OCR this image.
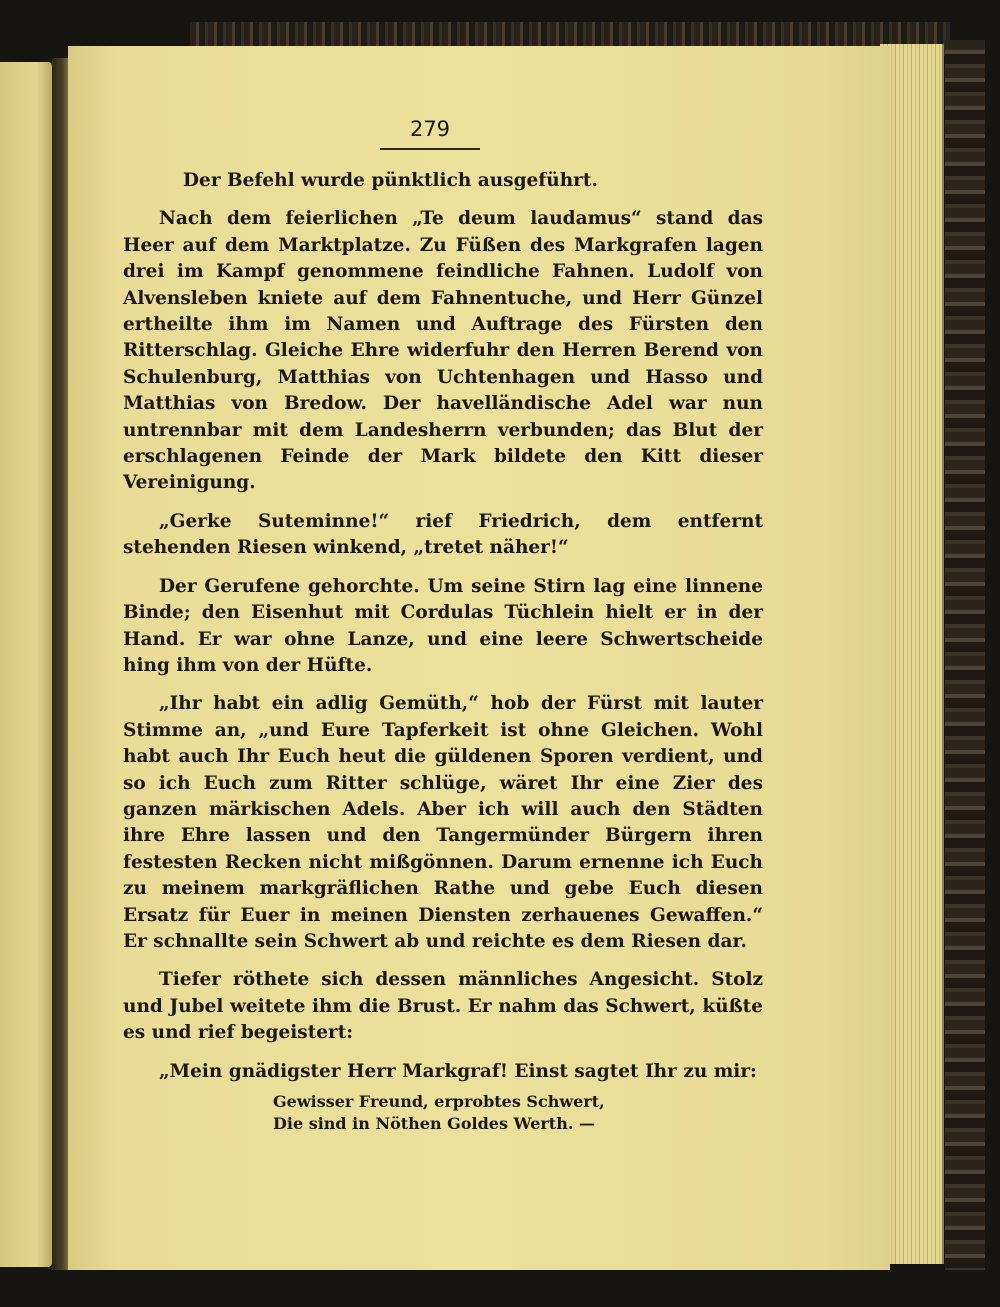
279

Der Befehl wurde pünktlich ausgeführt.

Nach dem feierlichen „Te deum laudamus“ stand das Heer auf dem Marktplatze. Zu Füßen des Markgrafen lagen drei im Kampf genommene feindliche Fahnen. Ludolf von Alvensleben kniete auf dem Fahnentuche, und Herr Günzel ertheilte ihm im Namen und Auftrage des Fürsten den Ritterschlag. Gleiche Ehre widerfuhr den Herren Berend von Schulenburg, Matthias von Uchtenhagen und Hasso und Matthias von Bredow. Der havelländische Adel war nun untrennbar mit dem Landesherrn verbunden; das Blut der erschlagenen Feinde der Mark bildete den Kitt dieser Vereinigung.

„Gerke Suteminne!“ rief Friedrich, dem entfernt stehenden Riesen winkend, „tretet näher!“

Der Gerufene gehorchte. Um seine Stirn lag eine linnene Binde; den Eisenhut mit Cordulas Tüchlein hielt er in der Hand. Er war ohne Lanze, und eine leere Schwertscheide hing ihm von der Hüfte.

„Ihr habt ein adlig Gemüth,“ hob der Fürst mit lauter Stimme an, „und Eure Tapferkeit ist ohne Gleichen. Wohl habt auch Ihr Euch heut die güldenen Sporen verdient, und so ich Euch zum Ritter schlüge, wäret Ihr eine Zier des ganzen märkischen Adels. Aber ich will auch den Städten ihre Ehre lassen und den Tangermünder Bürgern ihren festesten Recken nicht mißgönnen. Darum ernenne ich Euch zu meinem markgräflichen Rathe und gebe Euch diesen Ersatz für Euer in meinen Diensten zerhauenes Gewaffen.“ Er schnallte sein Schwert ab und reichte es dem Riesen dar.

Tiefer röthete sich dessen männliches Angesicht. Stolz und Jubel weitete ihm die Brust. Er nahm das Schwert, küßte es und rief begeistert:

„Mein gnädigster Herr Markgraf! Einst sagtet Ihr zu mir:

Gewisser Freund, erprobtes Schwert,
Die sind in Nöthen Goldes Werth. —
